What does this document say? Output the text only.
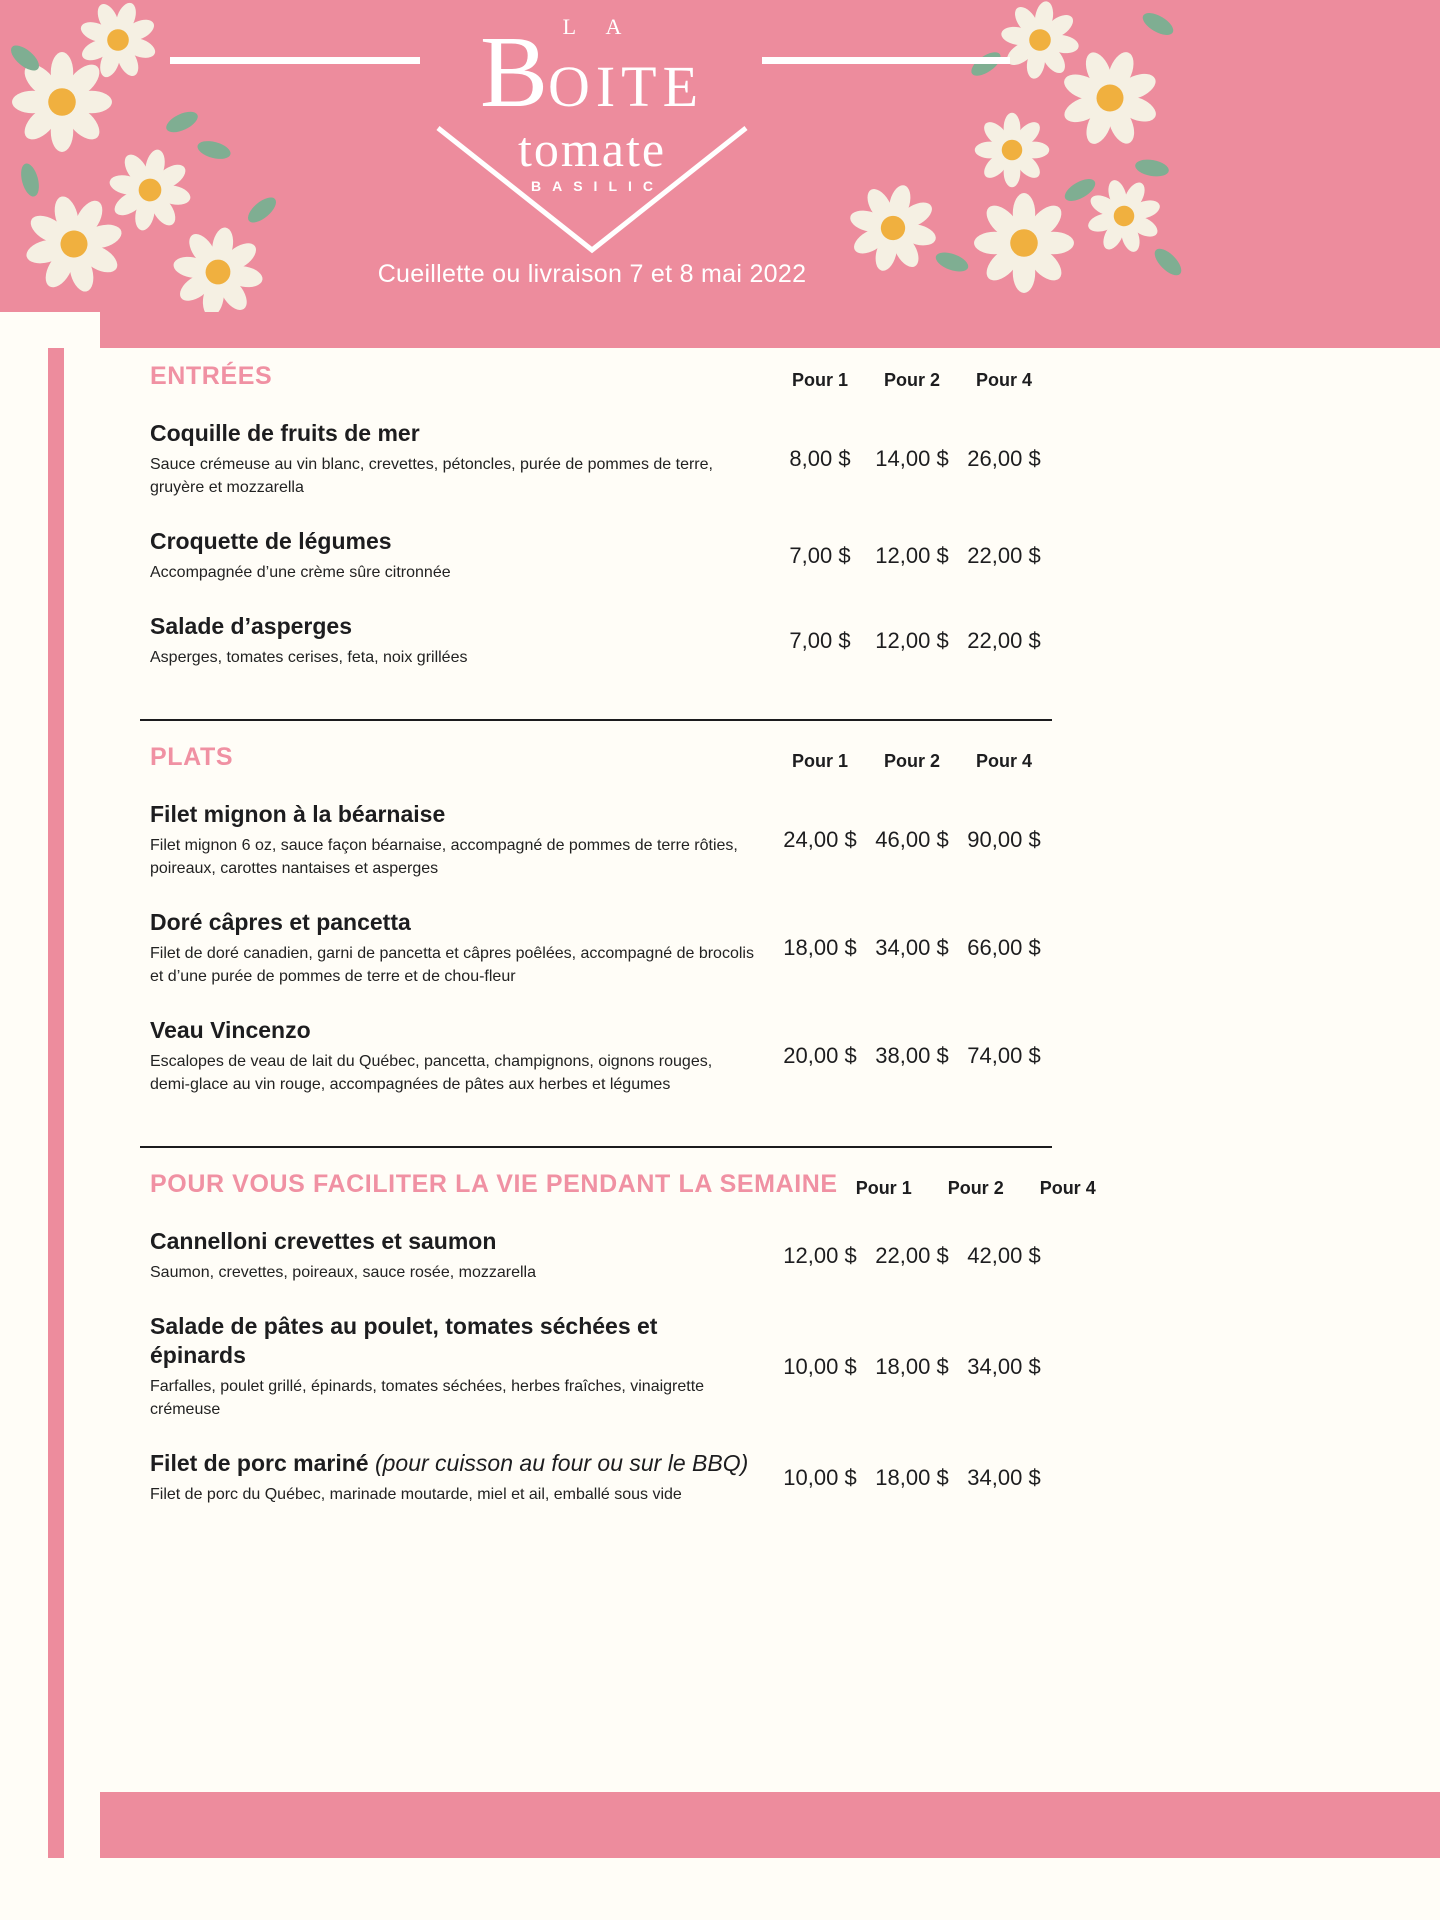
L A
BOITE
tomate
BASILIC
Cueillette ou livraison 7 et 8 mai 2022
ENTRÉES	Pour 1	Pour 2	Pour 4
Coquille de fruits de mer
Sauce crémeuse au vin blanc, crevettes, pétoncles, purée de pommes de terre, gruyère et mozzarella
8,00 $	14,00 $ 26,00 $
Croquette de légumes
Accompagnée d’une crème sûre citronnée
7,00 $	12,00 $ 22,00 $
Salade d’asperges
Asperges, tomates cerises, feta, noix grillées
7,00 $	12,00 $ 22,00 $
PLATS	Pour 1	Pour 2	Pour 4
Filet mignon à la béarnaise
Filet mignon 6 oz, sauce façon béarnaise, accompagné de pommes de terre rôties, poireaux, carottes nantaises et asperges
24,00 $ 46,00 $ 90,00 $
Doré câpres et pancetta
Filet de doré canadien, garni de pancetta et câpres poêlées, accompagné de brocolis et d’une purée de pommes de terre et de chou-fleur
18,00 $ 34,00 $ 66,00 $
Veau Vincenzo
Escalopes de veau de lait du Québec, pancetta, champignons, oignons rouges, demi-glace au vin rouge, accompagnées de pâtes aux herbes et légumes
20,00 $ 38,00 $ 74,00 $
POUR VOUS FACILITER LA VIE PENDANT LA SEMAINE Pour 1	Pour 2	Pour 4
Cannelloni crevettes et saumon
Saumon, crevettes, poireaux, sauce rosée, mozzarella
12,00 $ 22,00 $ 42,00 $
Salade de pâtes au poulet, tomates séchées et épinards
Farfalles, poulet grillé, épinards, tomates séchées, herbes fraîches, vinaigrette crémeuse
10,00 $ 18,00 $ 34,00 $
Filet de porc mariné (pour cuisson au four ou sur le BBQ)
Filet de porc du Québec, marinade moutarde, miel et ail, emballé sous vide
10,00 $ 18,00 $ 34,00 $
